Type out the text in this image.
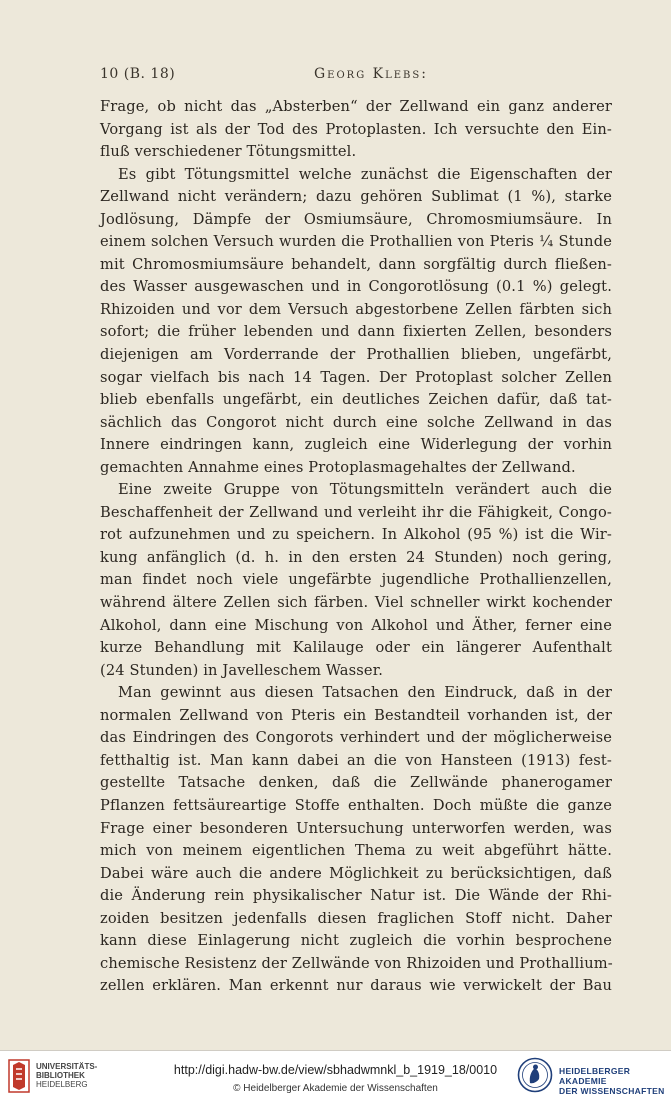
10 (B. 18)	Georg Klebs:

Frage, ob nicht das „Absterben“ der Zellwand ein ganz anderer
Vorgang ist als der Tod des Protoplasten. Ich versuchte den Ein-
fluß verschiedener Tötungsmittel.

Es gibt Tötungsmittel welche zunächst die Eigenschaften der
Zellwand nicht verändern; dazu gehören Sublimat (1 %), starke
Jodlösung, Dämpfe der Osmiumsäure, Chromosmiumsäure. In
einem solchen Versuch wurden die Prothallien von Pteris ¼ Stunde
mit Chromosmiumsäure behandelt, dann sorgfältig durch fließen-
des Wasser ausgewaschen und in Congorotlösung (0.1 %) gelegt.
Rhizoiden und vor dem Versuch abgestorbene Zellen färbten sich
sofort; die früher lebenden und dann fixierten Zellen, besonders
diejenigen am Vorderrande der Prothallien blieben, ungefärbt,
sogar vielfach bis nach 14 Tagen. Der Protoplast solcher Zellen
blieb ebenfalls ungefärbt, ein deutliches Zeichen dafür, daß tat-
sächlich das Congorot nicht durch eine solche Zellwand in das
Innere eindringen kann, zugleich eine Widerlegung der vorhin
gemachten Annahme eines Protoplasmagehaltes der Zellwand.

Eine zweite Gruppe von Tötungsmitteln verändert auch die
Beschaffenheit der Zellwand und verleiht ihr die Fähigkeit, Congo-
rot aufzunehmen und zu speichern. In Alkohol (95 %) ist die Wir-
kung anfänglich (d. h. in den ersten 24 Stunden) noch gering,
man findet noch viele ungefärbte jugendliche Prothallienzellen,
während ältere Zellen sich färben. Viel schneller wirkt kochender
Alkohol, dann eine Mischung von Alkohol und Äther, ferner eine
kurze Behandlung mit Kalilauge oder ein längerer Aufenthalt
(24 Stunden) in Javelleschem Wasser.

Man gewinnt aus diesen Tatsachen den Eindruck, daß in der
normalen Zellwand von Pteris ein Bestandteil vorhanden ist, der
das Eindringen des Congorots verhindert und der möglicherweise
fetthaltig ist. Man kann dabei an die von Hansteen (1913) fest-
gestellte Tatsache denken, daß die Zellwände phanerogamer
Pflanzen fettsäureartige Stoffe enthalten. Doch müßte die ganze
Frage einer besonderen Untersuchung unterworfen werden, was
mich von meinem eigentlichen Thema zu weit abgeführt hätte.
Dabei wäre auch die andere Möglichkeit zu berücksichtigen, daß
die Änderung rein physikalischer Natur ist. Die Wände der Rhi-
zoiden besitzen jedenfalls diesen fraglichen Stoff nicht. Daher
kann diese Einlagerung nicht zugleich die vorhin besprochene
chemische Resistenz der Zellwände von Rhizoiden und Prothallium-
zellen erklären. Man erkennt nur daraus wie verwickelt der Bau

UNIVERSITÄTS-
BIBLIOTHEK
HEIDELBERG
http://digi.hadw-bw.de/view/sbhadwmnkl_b_1919_18/0010
© Heidelberger Akademie der Wissenschaften
HEIDELBERGER AKADEMIE
DER WISSENSCHAFTEN
